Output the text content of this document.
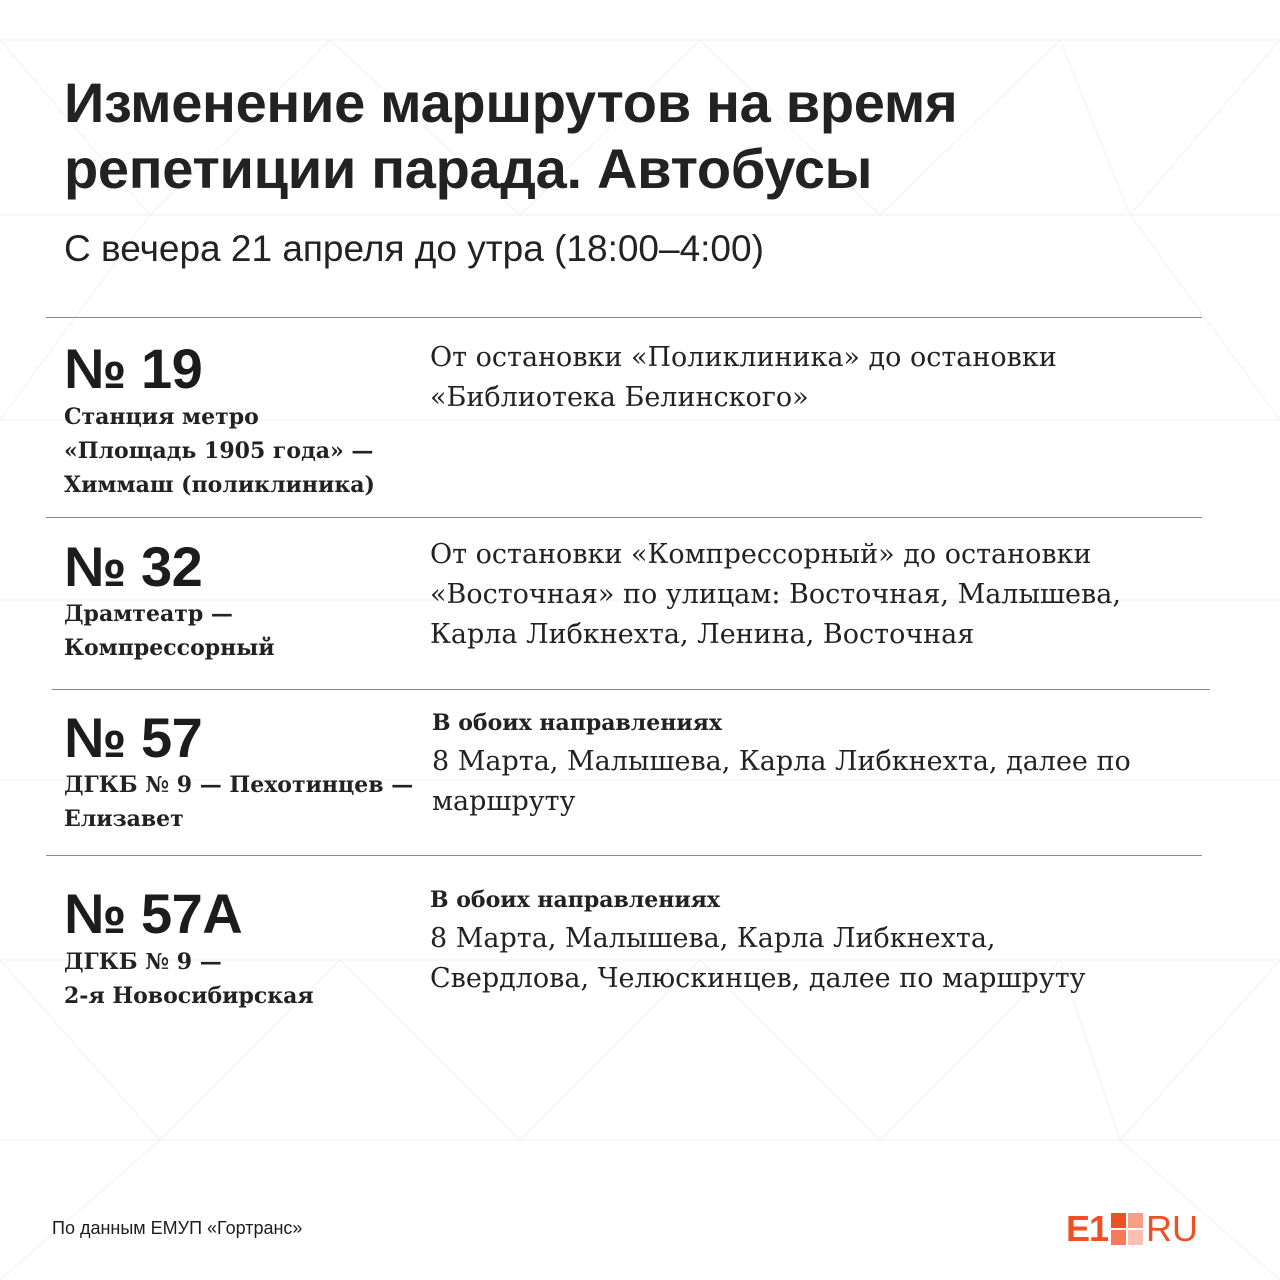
Изменение маршрутов на время
репетиции парада. Автобусы
С вечера 21 апреля до утра (18:00–4:00)
№ 19
Станция метро
«Площадь 1905 года» —
Химмаш (поликлиника)
От остановки «Поликлиника» до остановки
«Библиотека Белинского»
№ 32
Драмтеатр —
Компрессорный
От остановки «Компрессорный» до остановки
«Восточная» по улицам: Восточная, Малышева,
Карла Либкнехта, Ленина, Восточная
№ 57
ДГКБ № 9 — Пехотинцев —
Елизавет
В обоих направлениях
8 Марта, Малышева, Карла Либкнехта, далее по
маршруту
№ 57А
ДГКБ № 9 —
2-я Новосибирская
В обоих направлениях
8 Марта, Малышева, Карла Либкнехта,
Свердлова, Челюскинцев, далее по маршруту
По данным ЕМУП «Гортранс»	E1 RU
